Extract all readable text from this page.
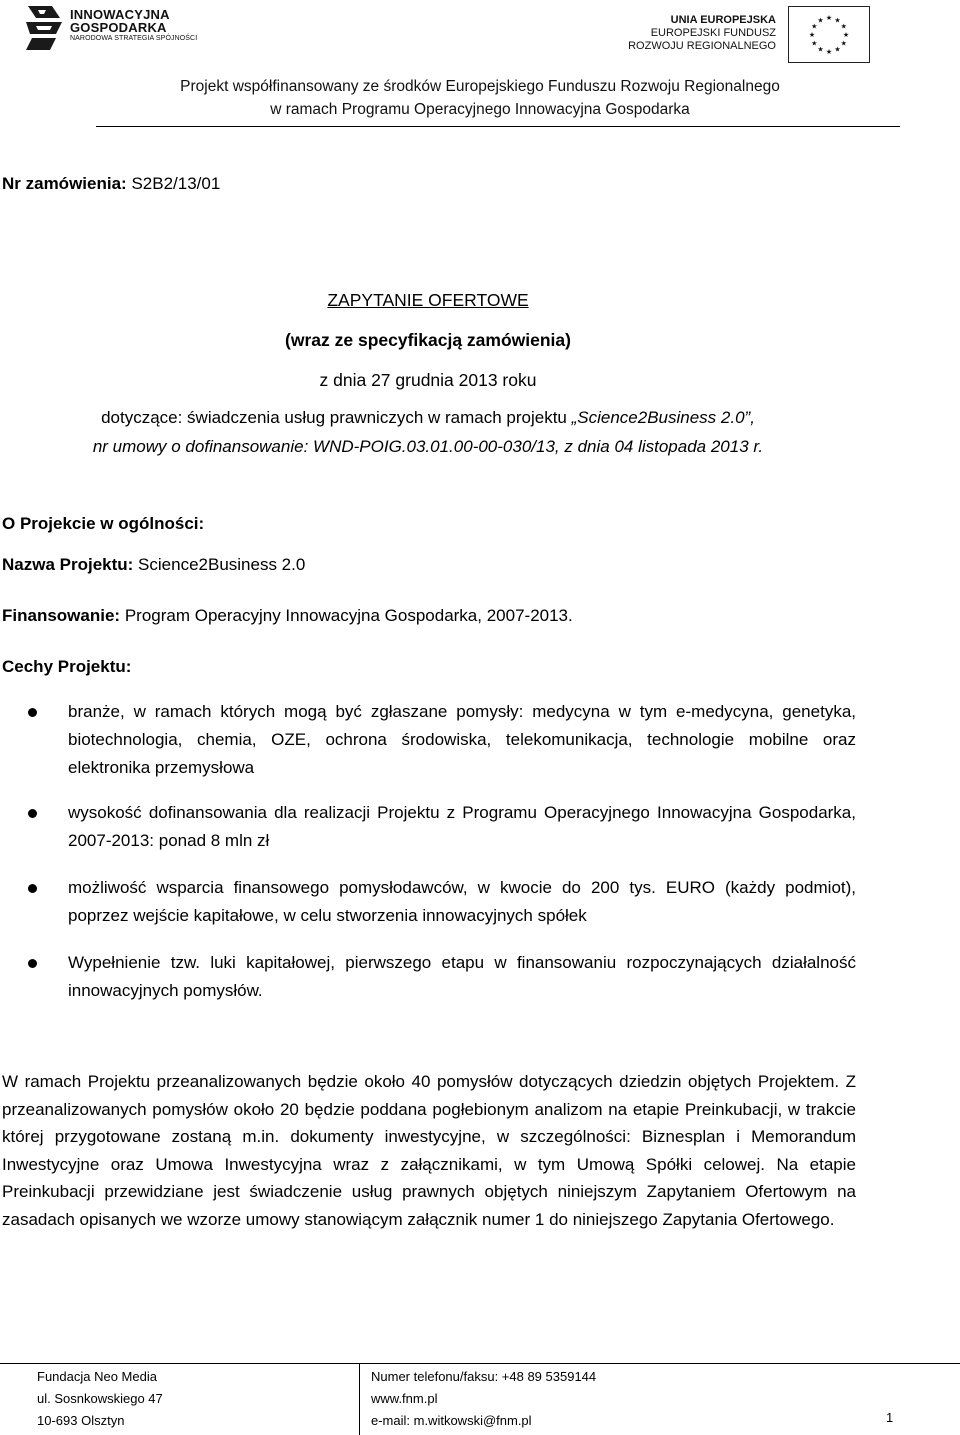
INNOWACYJNA
GOSPODARKA
NARODOWA STRATEGIA SPÓJNOŚCI
UNIA EUROPEJSKA
EUROPEJSKI FUNDUSZ
ROZWOJU REGIONALNEGO
★
★
★
★
★
★
★
★
★ ★ ★
★
Projekt współfinansowany ze środków Europejskiego Funduszu Rozwoju Regionalnego
w ramach Programu Operacyjnego Innowacyjna Gospodarka
Nr zamówienia: S2B2/13/01
ZAPYTANIE OFERTOWE
(wraz ze specyfikacją zamówienia)
z dnia 27 grudnia 2013 roku
dotyczące: świadczenia usług prawniczych w ramach projektu „Science2Business 2.0”,
nr umowy o dofinansowanie: WND-POIG.03.01.00-00-030/13, z dnia 04 listopada 2013 r.
O Projekcie w ogólności:
Nazwa Projektu: Science2Business 2.0
Finansowanie: Program Operacyjny Innowacyjna Gospodarka, 2007-2013.
Cechy Projektu:
branże, w ramach których mogą być zgłaszane pomysły: medycyna w tym e-medycyna, genetyka, biotechnologia, chemia, OZE, ochrona środowiska, telekomunikacja, technologie mobilne oraz elektronika przemysłowa
wysokość dofinansowania dla realizacji Projektu z Programu Operacyjnego Innowacyjna Gospodarka, 2007-2013: ponad 8 mln zł
możliwość wsparcia finansowego pomysłodawców, w kwocie do 200 tys. EURO (każdy podmiot), poprzez wejście kapitałowe, w celu stworzenia innowacyjnych spółek
Wypełnienie tzw. luki kapitałowej, pierwszego etapu w finansowaniu rozpoczynających działalność innowacyjnych pomysłów.
W ramach Projektu przeanalizowanych będzie około 40 pomysłów dotyczących dziedzin objętych Projektem. Z przeanalizowanych pomysłów około 20 będzie poddana pogłebionym analizom na etapie Preinkubacji, w trakcie której przygotowane zostaną m.in. dokumenty inwestycyjne, w szczególności: Biznesplan i Memorandum Inwestycyjne oraz Umowa Inwestycyjna wraz z załącznikami, w tym Umową Spółki celowej. Na etapie Preinkubacji przewidziane jest świadczenie usług prawnych objętych niniejszym Zapytaniem Ofertowym na zasadach opisanych we wzorze umowy stanowiącym załącznik numer 1 do niniejszego Zapytania Ofertowego.
Fundacja Neo Media
ul. Sosnkowskiego 47
10-693 Olsztyn
Numer telefonu/faksu: +48 89 5359144
www.fnm.pl
e-mail: m.witkowski@fnm.pl	1
